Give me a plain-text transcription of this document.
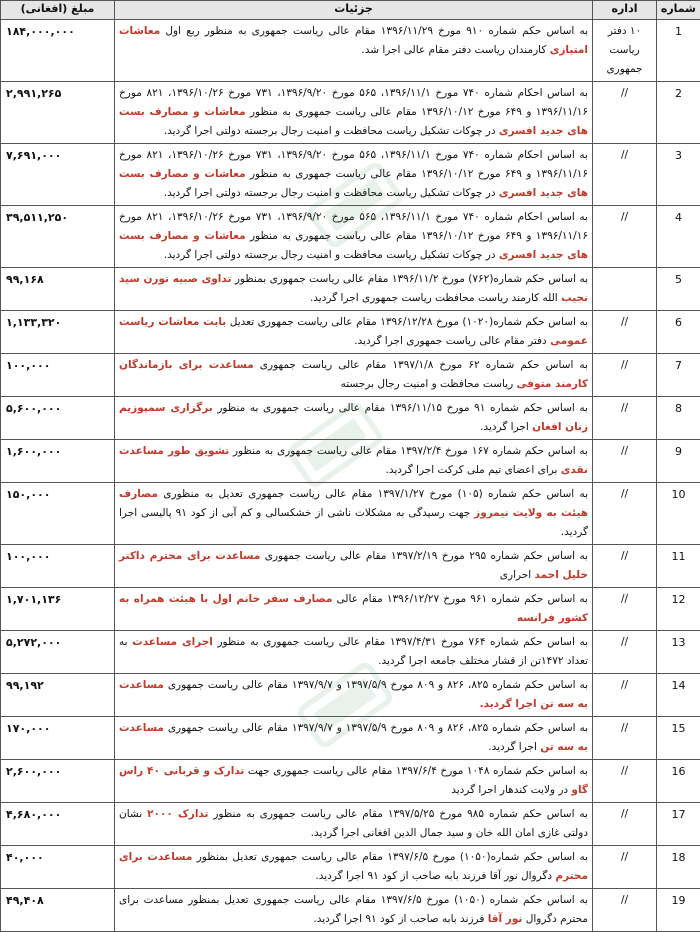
شماره	اداره	جزئیات	مبلغ (افغانی)
1	۱۰ دفتر ریاست جمهوری	به اساس حکم شماره ۹۱۰ مورخ ۱۳۹۶/۱۱/۲۹ مقام عالی ریاست جمهوری به منظور ربع اول معاشات امتیازی کارمندان ریاست دفتر مقام عالی اجرا شد.	۱۸۴,۰۰۰,۰۰۰
2	//	به اساس احکام شماره ۷۴۰ مورخ ۱۳۹۶/۱۱/۱، ۵۶۵ مورخ ۱۳۹۶/۹/۲۰، ۷۳۱ مورخ ۱۳۹۶/۱۰/۲۶، ۸۲۱ مورخ ۱۳۹۶/۱۱/۱۶ و ۶۴۹ مورخ ۱۳۹۶/۱۰/۱۲ مقام عالی ریاست جمهوری به منظور معاشات و مصارف بست های جدید افسری در چوکات تشکیل ریاست محافظت و امنیت رجال برجسته دولتی اجرا گردید.	۲,۹۹۱,۲۶۵
3	//	به اساس احکام شماره ۷۴۰ مورخ ۱۳۹۶/۱۱/۱، ۵۶۵ مورخ ۱۳۹۶/۹/۲۰، ۷۳۱ مورخ ۱۳۹۶/۱۰/۲۶، ۸۲۱ مورخ ۱۳۹۶/۱۱/۱۶ و ۶۴۹ مورخ ۱۳۹۶/۱۰/۱۲ مقام عالی ریاست جمهوری به منظور معاشات و مصارف بست های جدید افسری در چوکات تشکیل ریاست محافظت و امنیت رجال برجسته دولتی اجرا گردید.	۷,۶۹۱,۰۰۰
4	//	به اساس احکام شماره ۷۴۰ مورخ ۱۳۹۶/۱۱/۱، ۵۶۵ مورخ ۱۳۹۶/۹/۲۰، ۷۳۱ مورخ ۱۳۹۶/۱۰/۲۶، ۸۲۱ مورخ ۱۳۹۶/۱۱/۱۶ و ۶۴۹ مورخ ۱۳۹۶/۱۰/۱۲ مقام عالی ریاست جمهوری به منظور معاشات و مصارف بست های جدید افسری در چوکات تشکیل ریاست محافظت و امنیت رجال برجسته دولتی اجرا گردید.	۳۹,۵۱۱,۲۵۰
5		به اساس حکم شماره(۷۶۲) مورخ ۱۳۹۶/۱۱/۲ مقام عالی ریاست جمهوری بمنظور تداوی صبیه تورن سید نجیب الله کارمند ریاست محافظت ریاست جمهوری اجرا گردید.	۹۹,۱۶۸
6	//	به اساس حکم شماره(۱۰۲۰) مورخ ۱۳۹۶/۱۲/۲۸ مقام عالی ریاست جمهوری تعدیل بابت معاشات ریاست عمومی دفتر مقام عالی ریاست جمهوری اجرا گردید.	۱,۱۳۳,۳۲۰
7	//	به اساس حکم شماره ۶۲ مورخ ۱۳۹۷/۱/۸ مقام عالی ریاست جمهوری مساعدت برای بازماندگان کارمند متوفی ریاست محافظت و امنیت رجال برجسته	۱۰۰,۰۰۰
8	//	به اساس حکم شماره ۹۱ مورخ ۱۳۹۶/۱۱/۱۵ مقام عالی ریاست جمهوری به منظور برگزاری سمپوزیم زنان افغان اجرا گردید.	۵,۶۰۰,۰۰۰
9	//	به اساس حکم شماره ۱۶۷ مورخ ۱۳۹۷/۲/۴ مقام عالی ریاست جمهوری به منظور تشویق طور مساعدت نقدی برای اعضای تیم ملی کرکت اجرا گردید.	۱,۶۰۰,۰۰۰
10	//	به اساس حکم شماره (۱۰۵) مورخ ۱۳۹۷/۱/۲۷ مقام عالی ریاست جمهوری تعدیل به منظوری مصارف هیئت به ولایت نیمروز جهت رسیدگی به مشکلات ناشی از خشکسالی و کم آبی از کود ۹۱ پالیسی اجرا گردید.	۱۵۰,۰۰۰
11	//	به اساس حکم شماره ۲۹۵ مورخ ۱۳۹۷/۲/۱۹ مقام عالی ریاست جمهوری مساعدت برای محترم داکتر خلیل احمد احراری	۱۰۰,۰۰۰
12	//	به اساس حکم شماره ۹۶۱ مورخ ۱۳۹۶/۱۲/۲۷ مقام عالی مصارف سفر خانم اول با هیئت همراه به کشور فرانسه	۱,۷۰۱,۱۳۶
13	//	به اساس حکم شماره ۷۶۴ مورخ ۱۳۹۷/۴/۳۱ مقام عالی ریاست جمهوری به منظور اجرای مساعدت به تعداد ۱۴۷۲تن از قشار مختلف جامعه اجرا گردید.	۵,۲۷۲,۰۰۰
14	//	به اساس حکم شماره ۸۲۵، ۸۲۶ و ۸۰۹ مورخ ۱۳۹۷/۵/۹ و ۱۳۹۷/۹/۷ مقام عالی ریاست جمهوری مساعدت به سه تن اجرا گردید.	۹۹,۱۹۲
15	//	به اساس حکم شماره ۸۲۵، ۸۲۶ و ۸۰۹ مورخ ۱۳۹۷/۵/۹ و ۱۳۹۷/۹/۷ مقام عالی ریاست جمهوری مساعدت به سه تن اجرا گردید.	۱۷۰,۰۰۰
16	//	به اساس حکم شماره ۱۰۴۸ مورخ ۱۳۹۷/۶/۴ مقام عالی ریاست جمهوری جهت تدارک و قربانی ۴۰ راس گاو در ولایت کندهار اجرا گردید	۲,۶۰۰,۰۰۰
17	//	به اساس حکم شماره ۹۸۵ مورخ ۱۳۹۷/۵/۲۵ مقام عالی ریاست جمهوری به منظور تدارک ۲۰۰۰ نشان دولتی غازی امان الله خان و سید جمال الدین افغانی اجرا گردید.	۴,۶۸۰,۰۰۰
18	//	به اساس حکم شماره(۱۰۵۰) مورخ ۱۳۹۷/۶/۵ مقام عالی ریاست جمهوری تعدیل بمنظور مساعدت برای محترم دگروال نور آقا فرزند بابه صاحب از کود ۹۱ اجرا گردید.	۴۰,۰۰۰
19	//	به اساس حکم شماره (۱۰۵۰) مورخ ۱۳۹۷/۶/۵ مقام عالی ریاست جمهوری تعدیل بمنظور مساعدت برای محترم دگروال نور آقا فرزند بابه صاحب از کود ۹۱ اجرا گردید.	۴۹,۴۰۸
